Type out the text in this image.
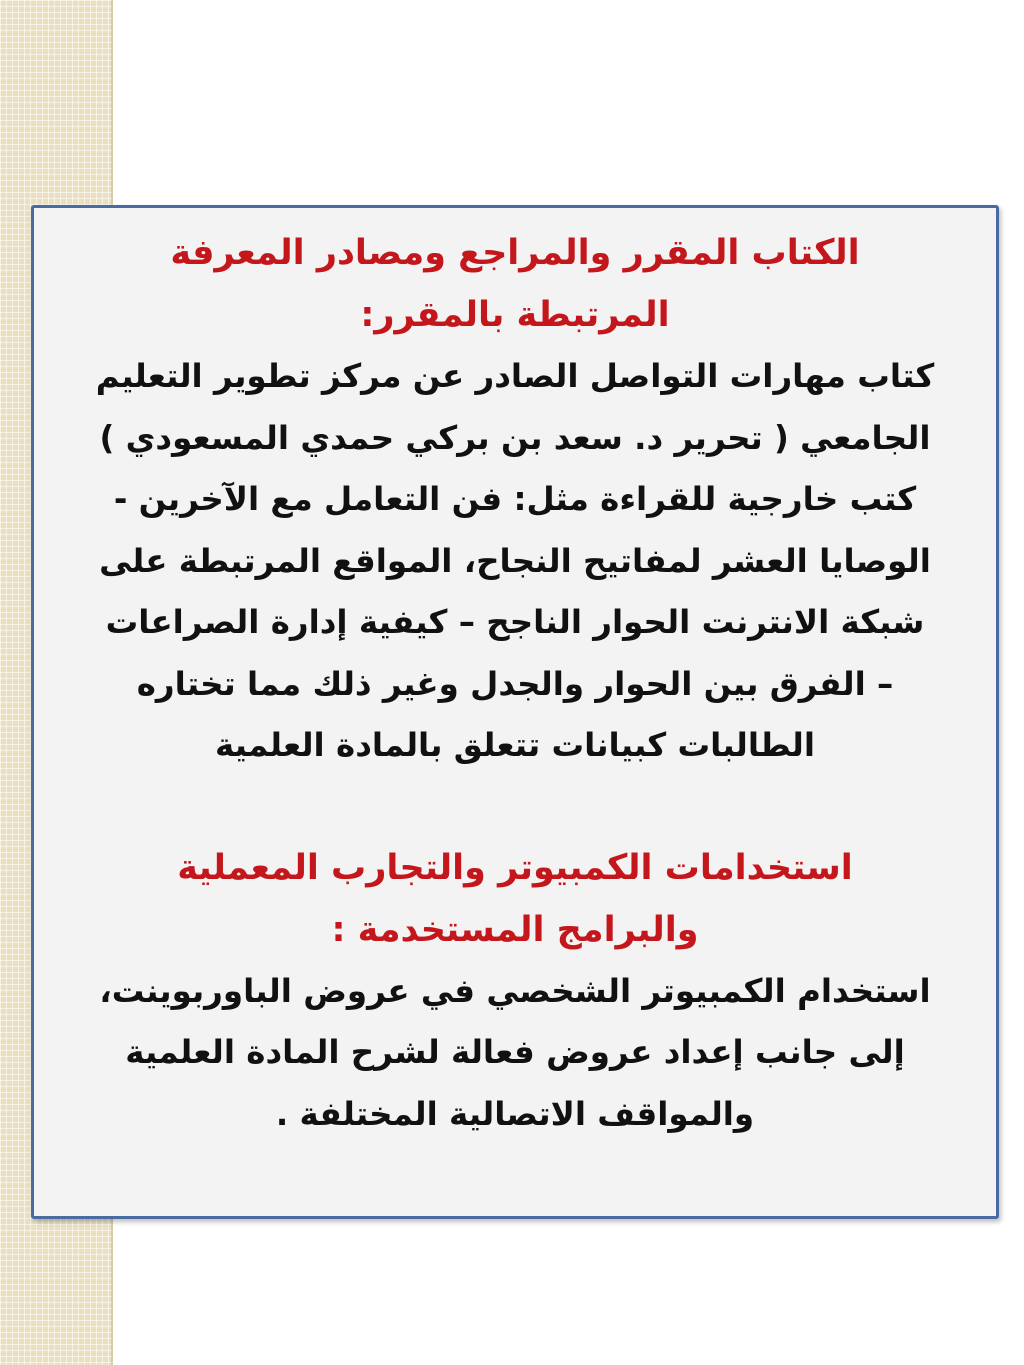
الكتاب المقرر والمراجع ومصادر المعرفة

المرتبطة بالمقرر:

كتاب مهارات التواصل الصادر عن مركز تطوير التعليم

الجامعي ( تحرير د. سعد بن بركي حمدي المسعودي )

كتب خارجية للقراءة مثل: فن التعامل مع الآخرين -

الوصايا العشر لمفاتيح النجاح، المواقع المرتبطة على

شبكة الانترنت الحوار الناجح – كيفية إدارة الصراعات

– الفرق بين الحوار والجدل وغير ذلك مما تختاره

الطالبات كبيانات تتعلق بالمادة العلمية

استخدامات الكمبيوتر والتجارب المعملية

والبرامج المستخدمة :

استخدام الكمبيوتر الشخصي في عروض الباوربوينت،

إلى جانب إعداد عروض فعالة لشرح المادة العلمية

والمواقف الاتصالية المختلفة .
